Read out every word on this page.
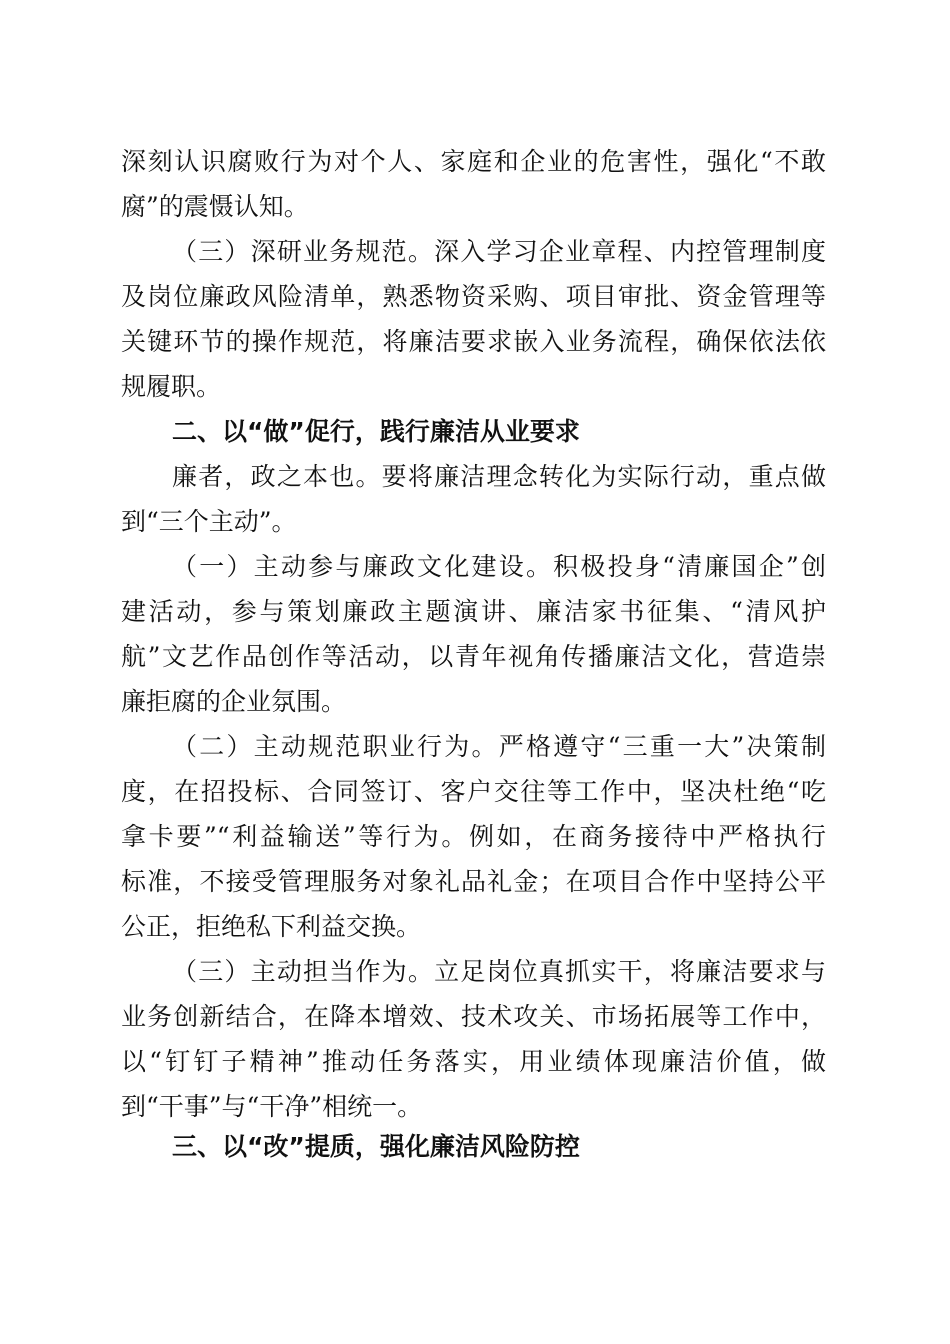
深刻认识腐败行为对个人、家庭和企业的危害性，强化“不敢
腐”的震慑认知。
（三）深研业务规范。深入学习企业章程、内控管理制度
及岗位廉政风险清单，熟悉物资采购、项目审批、资金管理等
关键环节的操作规范，将廉洁要求嵌入业务流程，确保依法依
规履职。
二、以“做”促行，践行廉洁从业要求
廉者，政之本也。要将廉洁理念转化为实际行动，重点做
到“三个主动”。
（一）主动参与廉政文化建设。积极投身“清廉国企”创
建活动，参与策划廉政主题演讲、廉洁家书征集、“清风护
航”文艺作品创作等活动，以青年视角传播廉洁文化，营造崇
廉拒腐的企业氛围。
（二）主动规范职业行为。严格遵守“三重一大”决策制
度，在招投标、合同签订、客户交往等工作中，坚决杜绝“吃
拿卡要”“利益输送”等行为。例如，在商务接待中严格执行
标准，不接受管理服务对象礼品礼金；在项目合作中坚持公平
公正，拒绝私下利益交换。
（三）主动担当作为。立足岗位真抓实干，将廉洁要求与
业务创新结合，在降本增效、技术攻关、市场拓展等工作中，
以“钉钉子精神”推动任务落实，用业绩体现廉洁价值，做
到“干事”与“干净”相统一。
三、以“改”提质，强化廉洁风险防控
